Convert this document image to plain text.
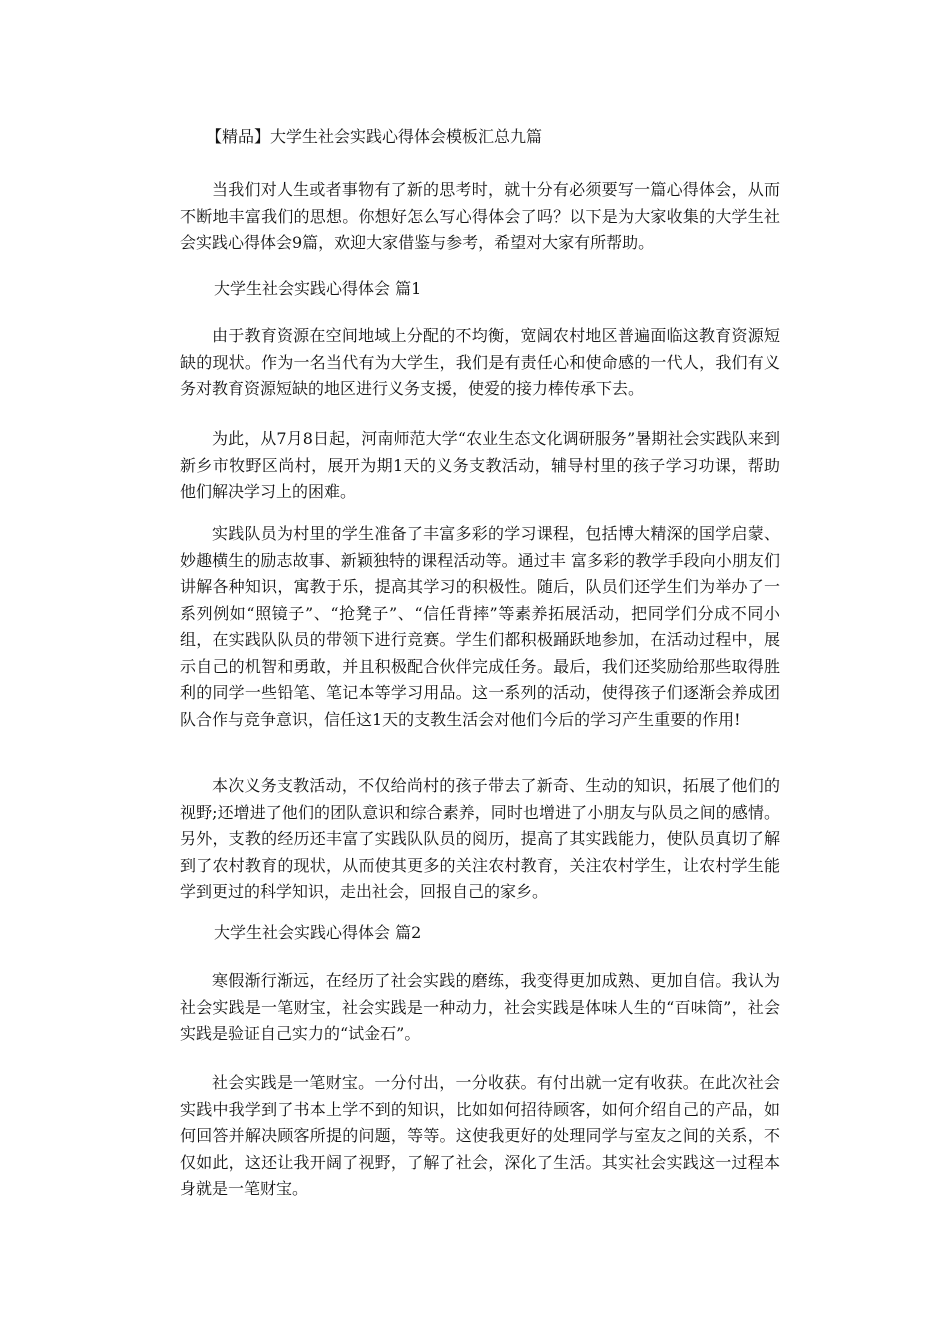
【精品】大学生社会实践心得体会模板汇总九篇

当我们对人生或者事物有了新的思考时，就十分有必须要写一篇心得体会，从而不断地丰富我们的思想。你想好怎么写心得体会了吗？以下是为大家收集的大学生社会实践心得体会9篇，欢迎大家借鉴与参考，希望对大家有所帮助。

大学生社会实践心得体会 篇1

由于教育资源在空间地域上分配的不均衡，宽阔农村地区普遍面临这教育资源短缺的现状。作为一名当代有为大学生，我们是有责任心和使命感的一代人，我们有义务对教育资源短缺的地区进行义务支援，使爱的接力棒传承下去。

为此，从7月8日起，河南师范大学“农业生态文化调研服务”暑期社会实践队来到新乡市牧野区尚村，展开为期1天的义务支教活动，辅导村里的孩子学习功课，帮助他们解决学习上的困难。

实践队员为村里的学生准备了丰富多彩的学习课程，包括博大精深的国学启蒙、妙趣横生的励志故事、新颖独特的课程活动等。通过丰 富多彩的教学手段向小朋友们讲解各种知识，寓教于乐，提高其学习的积极性。随后，队员们还学生们为举办了一系列例如“照镜子”、“抢凳子”、“信任背摔”等素养拓展活动，把同学们分成不同小组，在实践队队员的带领下进行竞赛。学生们都积极踊跃地参加，在活动过程中，展示自己的机智和勇敢，并且积极配合伙伴完成任务。最后，我们还奖励给那些取得胜利的同学一些铅笔、笔记本等学习用品。这一系列的活动，使得孩子们逐渐会养成团队合作与竞争意识，信任这1天的支教生活会对他们今后的学习产生重要的作用!

本次义务支教活动，不仅给尚村的孩子带去了新奇、生动的知识，拓展了他们的视野;还增进了他们的团队意识和综合素养，同时也增进了小朋友与队员之间的感情。另外，支教的经历还丰富了实践队队员的阅历，提高了其实践能力，使队员真切了解到了农村教育的现状，从而使其更多的关注农村教育，关注农村学生，让农村学生能学到更过的科学知识，走出社会，回报自己的家乡。

大学生社会实践心得体会 篇2

寒假渐行渐远，在经历了社会实践的磨练，我变得更加成熟、更加自信。我认为社会实践是一笔财宝，社会实践是一种动力，社会实践是体味人生的“百味筒”，社会实践是验证自己实力的“试金石”。

社会实践是一笔财宝。一分付出，一分收获。有付出就一定有收获。在此次社会实践中我学到了书本上学不到的知识，比如如何招待顾客，如何介绍自己的产品，如何回答并解决顾客所提的问题，等等。这使我更好的处理同学与室友之间的关系，不仅如此，这还让我开阔了视野，了解了社会，深化了生活。其实社会实践这一过程本身就是一笔财宝。
